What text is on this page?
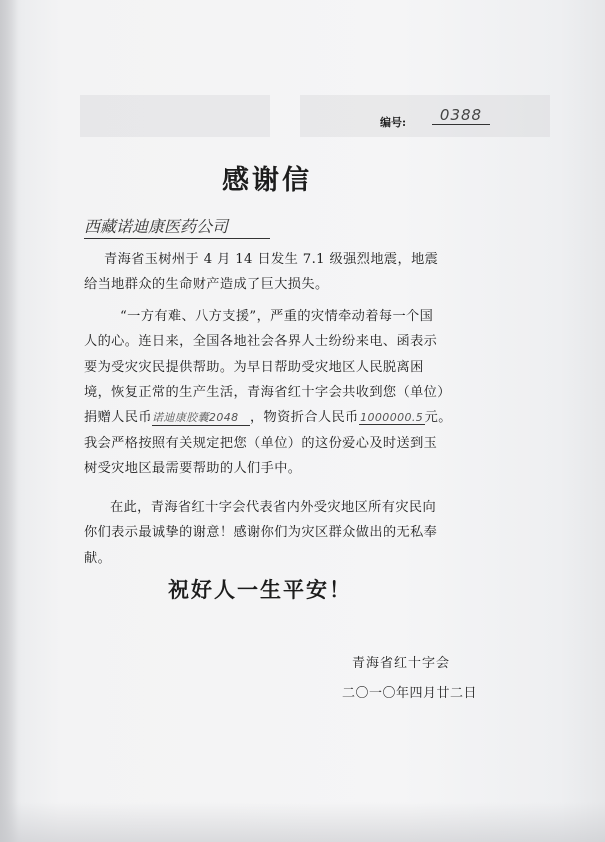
编号:	0388
感谢信
西藏诺迪康医药公司
青海省玉树州于 4 月 14 日发生 7.1 级强烈地震，地震
给当地群众的生命财产造成了巨大损失。
“一方有难、八方支援”，严重的灾情牵动着每一个国
人的心。连日来，全国各地社会各界人士纷纷来电、函表示
要为受灾灾民提供帮助。为早日帮助受灾地区人民脱离困
境，恢复正常的生产生活，青海省红十字会共收到您（单位）
捐赠人民币诺迪康胶囊2048 ，物资折合人民币1000000.5元。
我会严格按照有关规定把您（单位）的这份爱心及时送到玉
树受灾地区最需要帮助的人们手中。
在此，青海省红十字会代表省内外受灾地区所有灾民向
你们表示最诚挚的谢意！感谢你们为灾区群众做出的无私奉
献。
祝好人一生平安！
青海省红十字会
二〇一〇年四月廿二日
